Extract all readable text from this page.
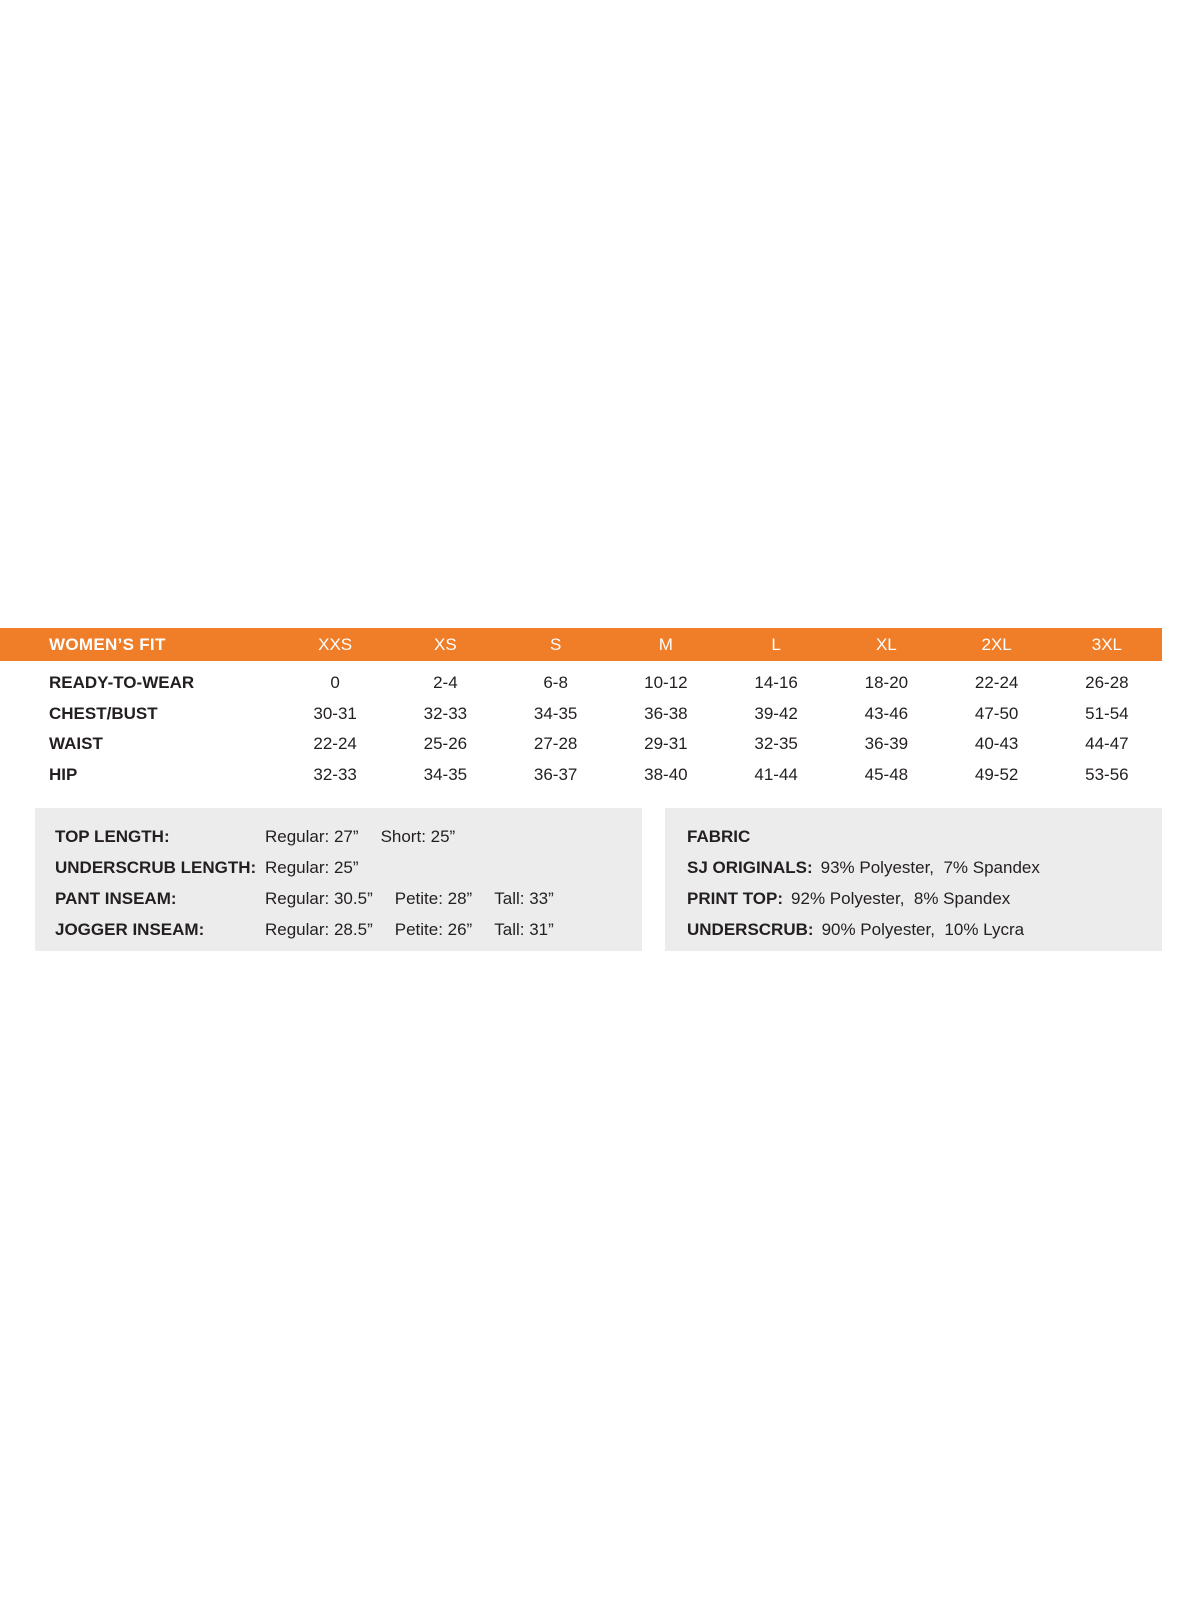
WOMEN’S FIT	XXS	XS	S	M	L	XL	2XL	3XL
READY-TO-WEAR	0	2-4	6-8	10-12	14-16	18-20	22-24	26-28
CHEST/BUST	30-31	32-33	34-35	36-38	39-42	43-46	47-50	51-54
WAIST	22-24	25-26	27-28	29-31	32-35	36-39	40-43	44-47
HIP	32-33	34-35	36-37	38-40	41-44	45-48	49-52	53-56
TOP LENGTH:	Regular: 27” Short: 25”
UNDERSCRUB LENGTH: Regular: 25”
PANT INSEAM:	Regular: 30.5” Petite: 28” Tall: 33”
JOGGER INSEAM:	Regular: 28.5” Petite: 26” Tall: 31”
FABRIC
SJ ORIGINALS: 93% Polyester,  7% Spandex
PRINT TOP: 92% Polyester,  8% Spandex
UNDERSCRUB: 90% Polyester,  10% Lycra
